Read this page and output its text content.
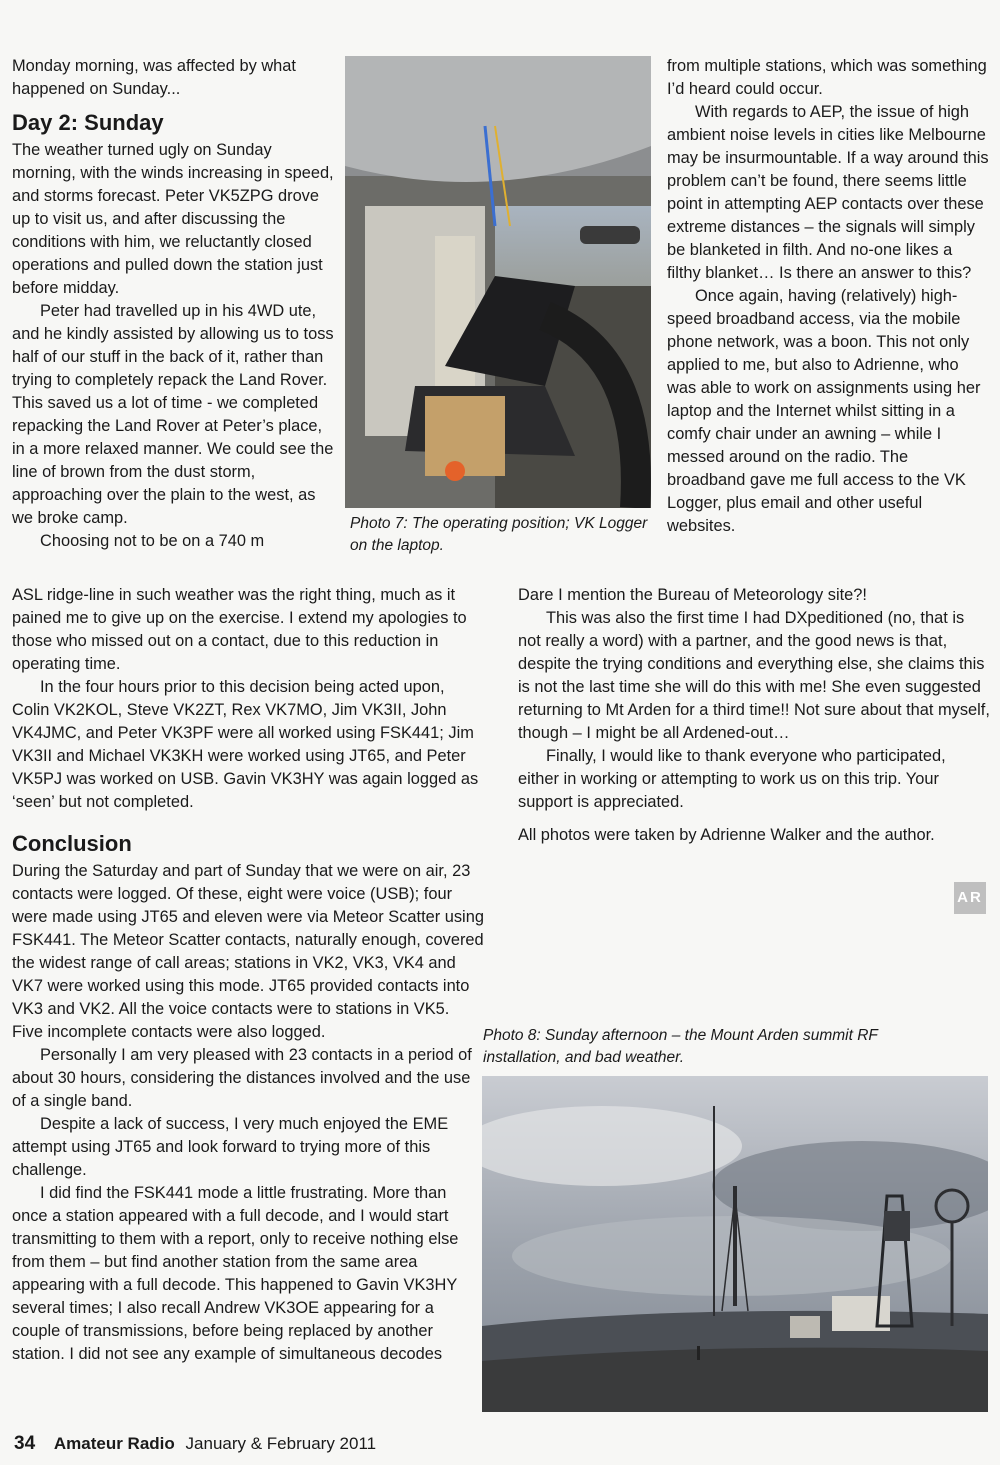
Monday morning, was affected by what happened on Sunday...

Day 2: Sunday

The weather turned ugly on Sunday morning, with the winds increasing in speed, and storms forecast. Peter VK5ZPG drove up to visit us, and after discussing the conditions with him, we reluctantly closed operations and pulled down the station just before midday.

Peter had travelled up in his 4WD ute, and he kindly assisted by allowing us to toss half of our stuff in the back of it, rather than trying to completely repack the Land Rover. This saved us a lot of time - we completed repacking the Land Rover at Peter’s place, in a more relaxed manner. We could see the line of brown from the dust storm, approaching over the plain to the west, as we broke camp.

Choosing not to be on a 740 m

ASL ridge-line in such weather was the right thing, much as it pained me to give up on the exercise. I extend my apologies to those who missed out on a contact, due to this reduction in operating time.

In the four hours prior to this decision being acted upon, Colin VK2KOL, Steve VK2ZT, Rex VK7MO, Jim VK3II, John VK4JMC, and Peter VK3PF were all worked using FSK441; Jim VK3II and Michael VK3KH were worked using JT65, and Peter VK5PJ was worked on USB. Gavin VK3HY was again logged as ‘seen’ but not completed.

Conclusion

During the Saturday and part of Sunday that we were on air, 23 contacts were logged. Of these, eight were voice (USB); four were made using JT65 and eleven were via Meteor Scatter using FSK441. The Meteor Scatter contacts, naturally enough, covered the widest range of call areas; stations in VK2, VK3, VK4 and VK7 were worked using this mode. JT65 provided contacts into VK3 and VK2. All the voice contacts were to stations in VK5. Five incomplete contacts were also logged.

Personally I am very pleased with 23 contacts in a period of about 30 hours, considering the distances involved and the use of a single band.

Despite a lack of success, I very much enjoyed the EME attempt using JT65 and look forward to trying more of this challenge.

I did find the FSK441 mode a little frustrating. More than once a station appeared with a full decode, and I would start transmitting to them with a report, only to receive nothing else from them – but find another station from the same area appearing with a full decode. This happened to Gavin VK3HY several times; I also recall Andrew VK3OE appearing for a couple of transmissions, before being replaced by another station. I did not see any example of simultaneous decodes

Photo 7: The operating position; VK Logger on the laptop.

from multiple stations, which was something I’d heard could occur.

With regards to AEP, the issue of high ambient noise levels in cities like Melbourne may be insurmountable. If a way around this problem can’t be found, there seems little point in attempting AEP contacts over these extreme distances – the signals will simply be blanketed in filth. And no-one likes a filthy blanket… Is there an answer to this?

Once again, having (relatively) high-speed broadband access, via the mobile phone network, was a boon. This not only applied to me, but also to Adrienne, who was able to work on assignments using her laptop and the Internet whilst sitting in a comfy chair under an awning – while I messed around on the radio. The broadband gave me full access to the VK Logger, plus email and other useful websites.

Dare I mention the Bureau of Meteorology site?!

This was also the first time I had DXpeditioned (no, that is not really a word) with a partner, and the good news is that, despite the trying conditions and everything else, she claims this is not the last time she will do this with me! She even suggested returning to Mt Arden for a third time!! Not sure about that myself, though – I might be all Ardened-out…

Finally, I would like to thank everyone who participated, either in working or attempting to work us on this trip. Your support is appreciated.

All photos were taken by Adrienne Walker and the author.

AR
Photo 8: Sunday afternoon – the Mount Arden summit RF installation, and bad weather.
34 Amateur Radio January & February 2011
